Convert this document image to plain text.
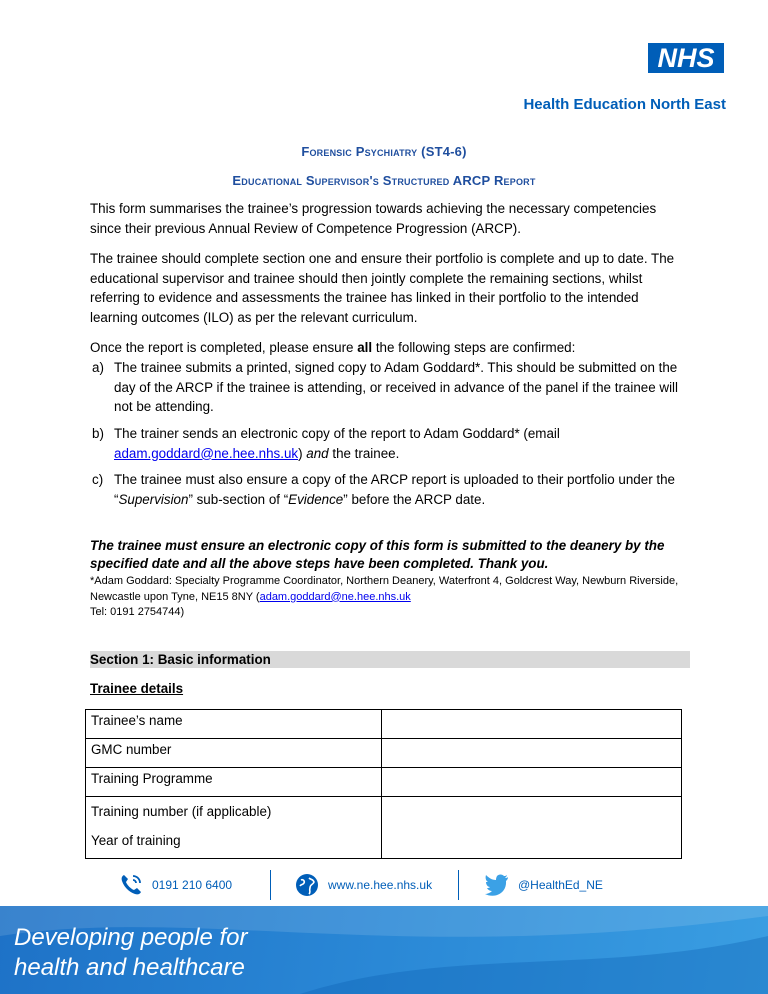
NHS
Health Education North East
Forensic Psychiatry (ST4-6)
Educational Supervisor's Structured ARCP Report

This form summarises the trainee’s progression towards achieving the necessary competencies since their previous Annual Review of Competence Progression (ARCP).

The trainee should complete section one and ensure their portfolio is complete and up to date. The educational supervisor and trainee should then jointly complete the remaining sections, whilst referring to evidence and assessments the trainee has linked in their portfolio to the intended learning outcomes (ILO) as per the relevant curriculum.

Once the report is completed, please ensure all the following steps are confirmed:

a) The trainee submits a printed, signed copy to Adam Goddard*. This should be submitted on the day of the ARCP if the trainee is attending, or received in advance of the panel if the trainee will not be attending.
b) The trainer sends an electronic copy of the report to Adam Goddard* (email adam.goddard@ne.hee.nhs.uk) and the trainee.
c) The trainee must also ensure a copy of the ARCP report is uploaded to their portfolio under the “Supervision” sub-section of “Evidence” before the ARCP date.
The trainee must ensure an electronic copy of this form is submitted to the deanery by the specified date and all the above steps have been completed. Thank you.
*Adam Goddard: Specialty Programme Coordinator, Northern Deanery, Waterfront 4, Goldcrest Way, Newburn Riverside, Newcastle upon Tyne, NE15 8NY (adam.goddard@ne.hee.nhs.uk
Tel: 0191 2754744)
Section 1: Basic information
Trainee details
Trainee’s name	
GMC number	
Training Programme	
Training number (if applicable)
Year of training	
0191 210 6400	www.ne.hee.nhs.uk	@HealthEd_NE
Developing people for
health and healthcare
